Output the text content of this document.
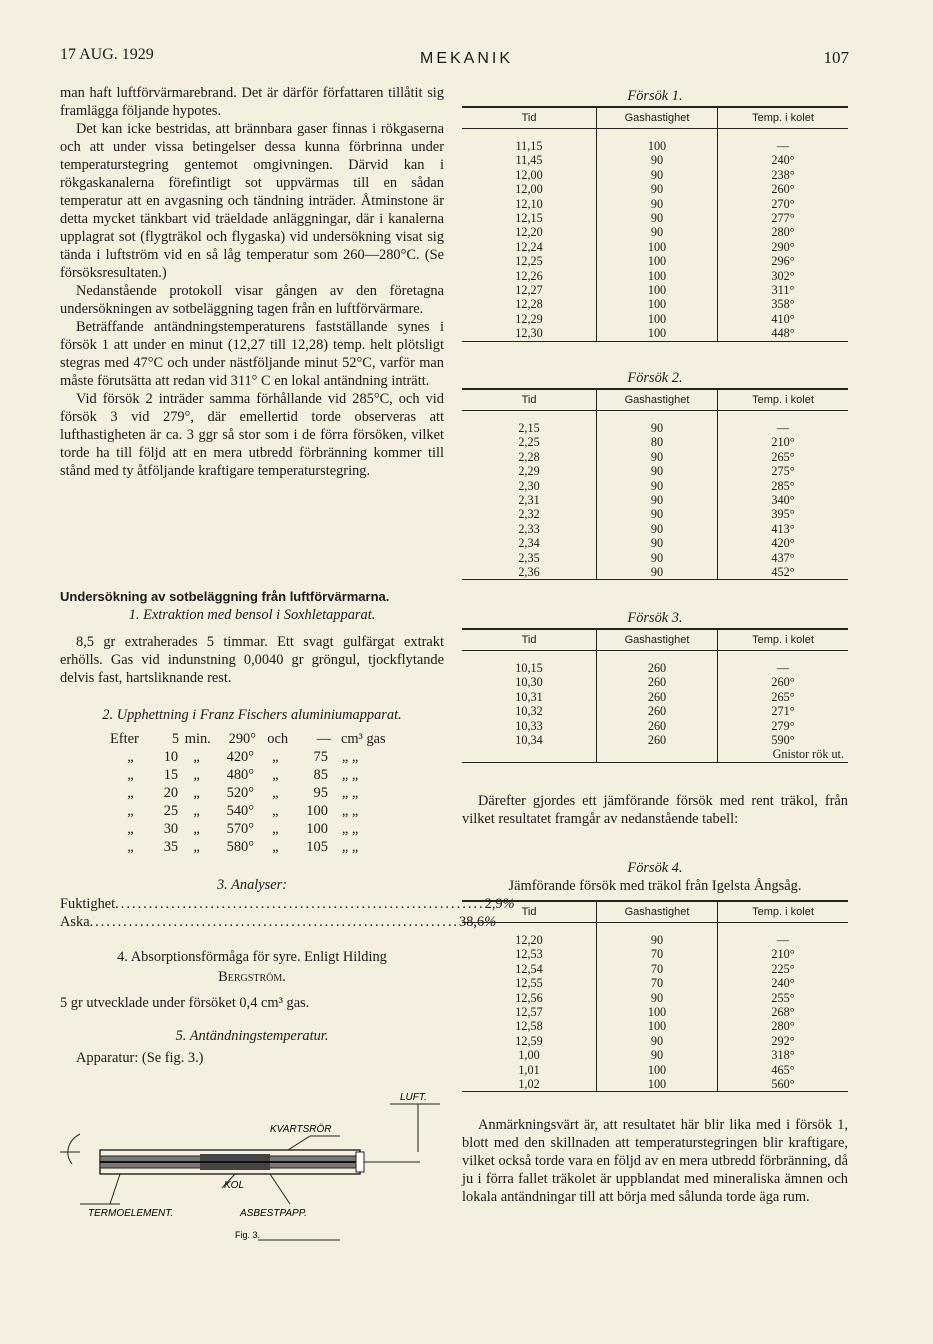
17 AUG. 1929	MEKANIK	107

man haft luftförvärmarebrand. Det är därför författaren tillåtit sig framlägga följande hypotes.

Det kan icke bestridas, att brännbara gaser finnas i rökgaserna och att under vissa betingelser dessa kunna förbrinna under temperaturstegring gentemot omgivningen. Därvid kan i rökgaskanalerna förefintligt sot uppvärmas till en sådan temperatur att en avgasning och tändning inträder. Åtminstone är detta mycket tänkbart vid träeldade anläggningar, där i kanalerna upplagrat sot (flygträkol och flygaska) vid undersökning visat sig tända i luftström vid en så låg temperatur som 260—280°C. (Se försöksresultaten.)

Nedanstående protokoll visar gången av den företagna undersökningen av sotbeläggning tagen från en luftförvärmare.

Beträffande antändningstemperaturens fastställande synes i försök 1 att under en minut (12,27 till 12,28) temp. helt plötsligt stegras med 47°C och under nästföljande minut 52°C, varför man måste förutsätta att redan vid 311° C en lokal antändning inträtt.

Vid försök 2 inträder samma förhållande vid 285°C, och vid försök 3 vid 279°, där emellertid torde observeras att lufthastigheten är ca. 3 ggr så stor som i de förra försöken, vilket torde ha till följd att en mera utbredd förbränning kommer till stånd med ty åtföljande kraftigare temperaturstegring.

Undersökning av sotbeläggning från luftförvärmarna.
1. Extraktion med bensol i Soxhletapparat.
8,5 gr extraherades 5 timmar. Ett svagt gulfärgat extrakt erhölls. Gas vid indunstning 0,0040 gr gröngul, tjockflytande delvis fast, hartsliknande rest.
2. Upphettning i Franz Fischers aluminiumapparat.
Efter	5 min.	290° och	— cm³ gas
„	10	„	420°	„	75 „ „
„	15	„	480°	„	85 „ „
„	20	„	520°	„	95 „ „
„	25	„	540°	„	100 „ „
„	30	„	570°	„	100 „ „
„	35	„	580°	„	105 „ „
3. Analyser:
Fuktighet .................................................................. 2,9 %
Aska .................................................................. 38,6 %
4. Absorptionsförmåga för syre. Enligt Hilding
Bergström.
5 gr utvecklade under försöket 0,4 cm³ gas.
5. Antändningstemperatur.
Apparatur: (Se fig. 3.)
LUFT.
KVARTSRÖR
KOL
TERMOELEMENT.	ASBESTPAPP.
Fig. 3.
Försök 1.
Tid	Gashastighet	Temp. i kolet
11,15	100	—
11,45	90	240°
12,00	90	238°
12,00	90	260°
12,10	90	270°
12,15	90	277°
12,20	90	280°
12,24	100	290°
12,25	100	296°
12,26	100	302°
12,27	100	311°
12,28	100	358°
12,29	100	410°
12,30	100	448°
Försök 2.
Tid	Gashastighet	Temp. i kolet
2,15	90	—
2,25	80	210°
2,28	90	265°
2,29	90	275°
2,30	90	285°
2,31	90	340°
2,32	90	395°
2,33	90	413°
2,34	90	420°
2,35	90	437°
2,36	90	452°
Försök 3.
Tid	Gashastighet	Temp. i kolet
10,15	260	—
10,30	260	260°
10,31	260	265°
10,32	260	271°
10,33	260	279°
10,34	260	590°
		Gnistor rök ut.

Därefter gjordes ett jämförande försök med rent träkol, från vilket resultatet framgår av nedanstående tabell:

Försök 4.
Jämförande försök med träkol från Igelsta Ångsåg.
Tid	Gashastighet	Temp. i kolet
12,20	90	—
12,53	70	210°
12,54	70	225°
12,55	70	240°
12,56	90	255°
12,57	100	268°
12,58	100	280°
12,59	90	292°
1,00	90	318°
1,01	100	465°
1,02	100	560°

Anmärkningsvärt är, att resultatet här blir lika med i försök 1, blott med den skillnaden att temperaturstegringen blir kraftigare, vilket också torde vara en följd av en mera utbredd förbränning, då ju i förra fallet träkolet är uppblandat med mineraliska ämnen och lokala antändningar till att börja med sålunda torde äga rum.
